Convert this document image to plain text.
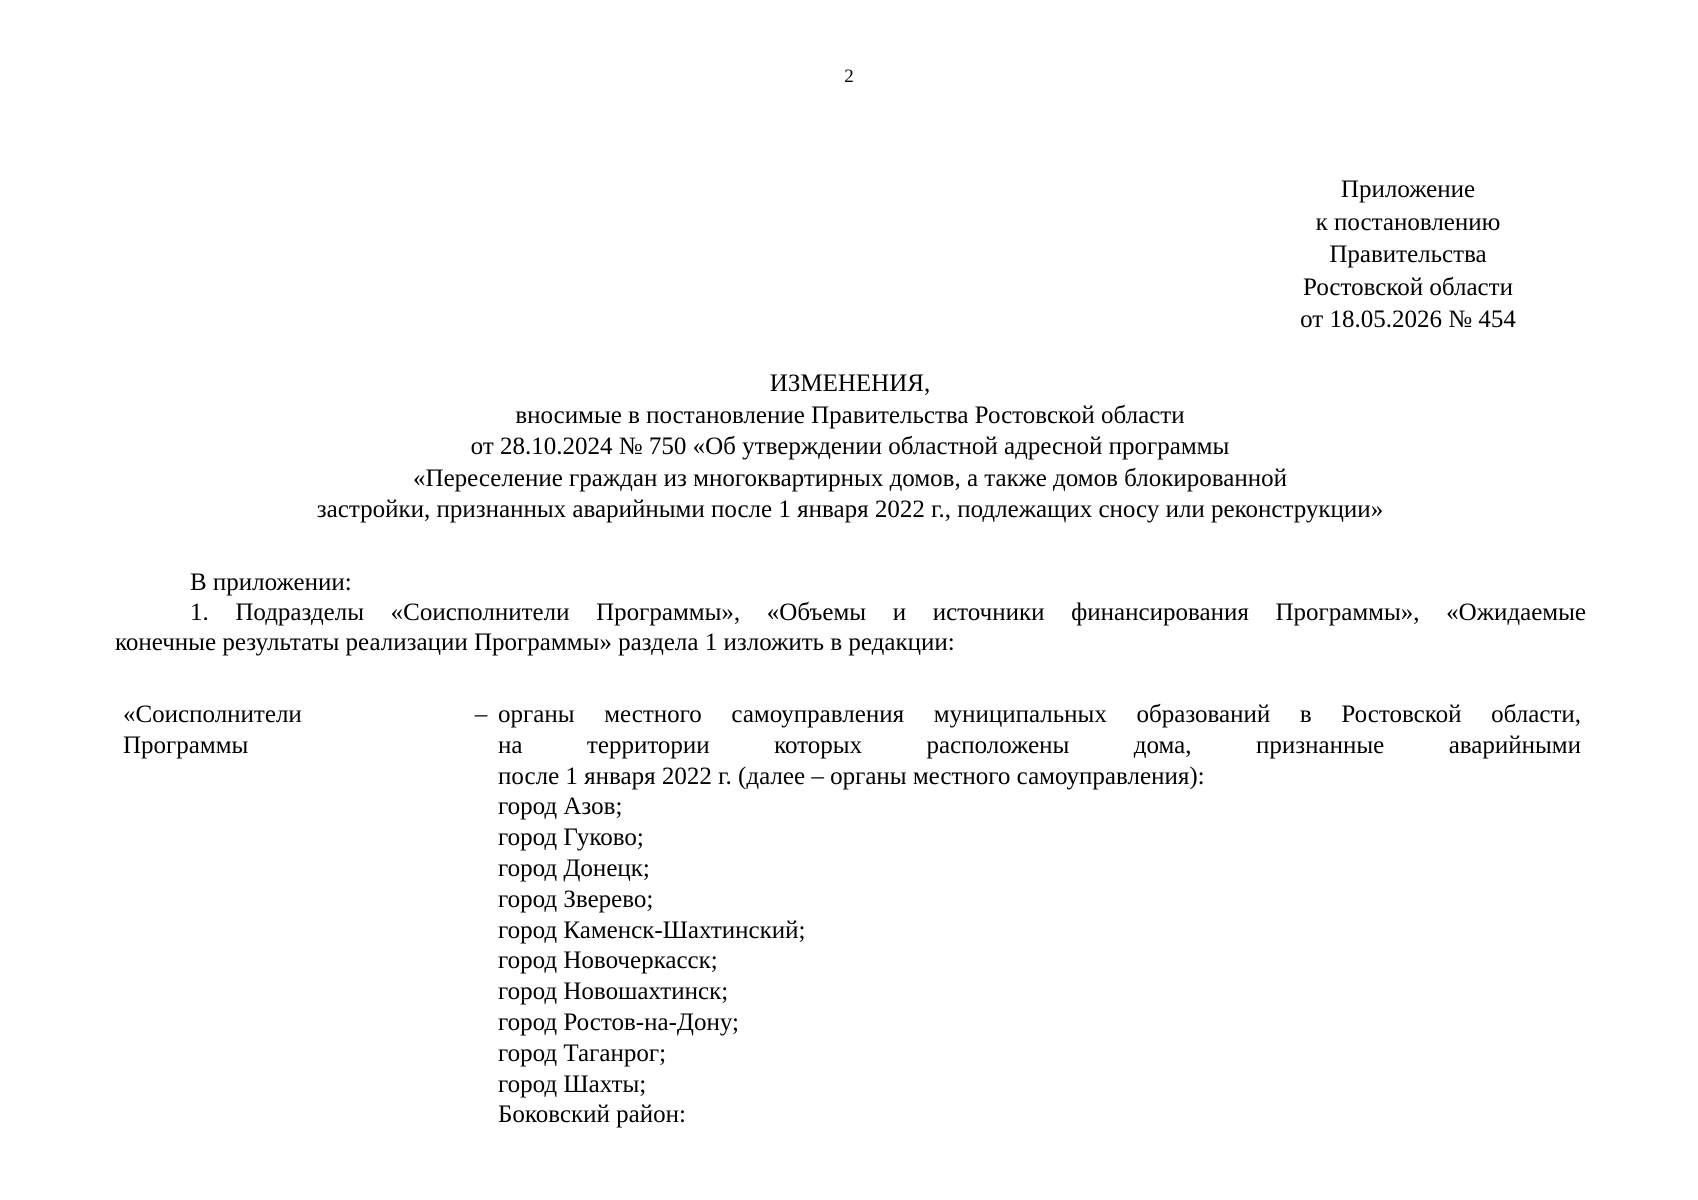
2
Приложение
к постановлению
Правительства
Ростовской области
от 18.05.2026 № 454
ИЗМЕНЕНИЯ,
вносимые в постановление Правительства Ростовской области
от 28.10.2024 № 750 «Об утверждении областной адресной программы
«Переселение граждан из многоквартирных домов, а также домов блокированной
застройки, признанных аварийными после 1 января 2022 г., подлежащих сносу или реконструкции»
В приложении:
1. Подразделы «Соисполнители Программы», «Объемы и источники финансирования Программы», «Ожидаемые
конечные результаты реализации Программы» раздела 1 изложить в редакции:
«Соисполнители
Программы
– органы местного самоуправления муниципальных образований в Ростовской области,
на территории которых расположены дома, признанные аварийными
после 1 января 2022 г. (далее – органы местного самоуправления):
город Азов;
город Гуково;
город Донецк;
город Зверево;
город Каменск-Шахтинский;
город Новочеркасск;
город Новошахтинск;
город Ростов-на-Дону;
город Таганрог;
город Шахты;
Боковский район:
